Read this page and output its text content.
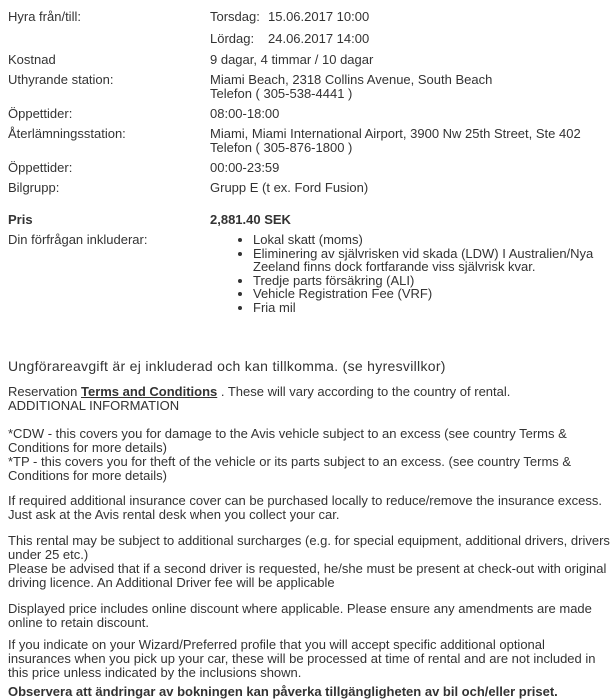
Hyra från/till:	Torsdag: 15.06.2017 10:00
Lördag: 24.06.2017 14:00
Kostnad	9 dagar, 4 timmar / 10 dagar
Uthyrande station:	Miami Beach, 2318 Collins Avenue, South Beach
Telefon ( 305-538-4441 )
Öppettider:	08:00-18:00
Återlämningsstation:	Miami, Miami International Airport, 3900 Nw 25th Street, Ste 402
Telefon ( 305-876-1800 )
Öppettider:	00:00-23:59
Bilgrupp:	Grupp E (t ex. Ford Fusion)
Pris	2,881.40 SEK
Din förfrågan inkluderar:	• Lokal skatt (moms)
• Eliminering av självrisken vid skada (LDW) I Australien/Nya Zeeland finns dock fortfarande viss självrisk kvar.
• Tredje parts försäkring (ALI)
• Vehicle Registration Fee (VRF)
• Fria mil

Ungförareavgift är ej inkluderad och kan tillkomma. (se hyresvillkor)

Reservation Terms and Conditions . These will vary according to the country of rental.
ADDITIONAL INFORMATION
*CDW - this covers you for damage to the Avis vehicle subject to an excess (see country Terms & Conditions for more details)
*TP - this covers you for theft of the vehicle or its parts subject to an excess. (see country Terms & Conditions for more details)
If required additional insurance cover can be purchased locally to reduce/remove the insurance excess. Just ask at the Avis rental desk when you collect your car.
This rental may be subject to additional surcharges (e.g. for special equipment, additional drivers, drivers under 25 etc.)
Please be advised that if a second driver is requested, he/she must be present at check-out with original driving licence. An Additional Driver fee will be applicable
Displayed price includes online discount where applicable. Please ensure any amendments are made online to retain discount.
If you indicate on your Wizard/Preferred profile that you will accept specific additional optional insurances when you pick up your car, these will be processed at time of rental and are not included in this price unless indicated by the inclusions shown.
Observera att ändringar av bokningen kan påverka tillgängligheten av bil och/eller priset.
